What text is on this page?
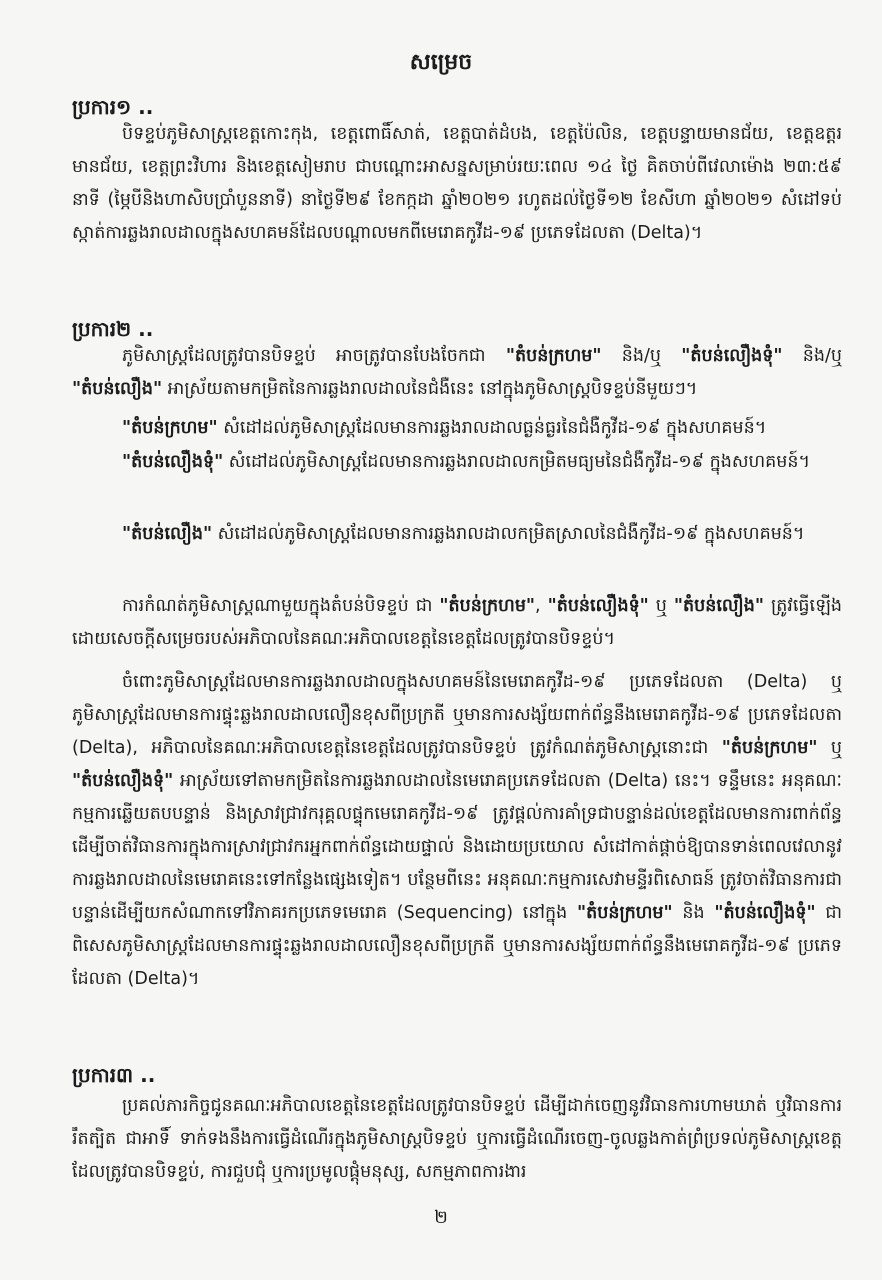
សម្រេច
ប្រការ១ ..
បិទខ្ទប់ភូមិសាស្ត្រខេត្តកោះកុង, ខេត្តពោធិ៍សាត់, ខេត្តបាត់ដំបង, ខេត្តប៉ៃលិន, ខេត្តបន្ទាយមានជ័យ, ខេត្តឧត្តរមានជ័យ, ខេត្តព្រះវិហារ និងខេត្តសៀមរាប ជាបណ្ដោះអាសន្នសម្រាប់រយៈពេល ១៤ ថ្ងៃ គិតចាប់ពីវេលាម៉ោង ២៣:៥៩ នាទី (ម្ភៃបីនិងហាសិបប្រាំបួននាទី) នាថ្ងៃទី២៩ ខែកក្កដា ឆ្នាំ២០២១ រហូតដល់ថ្ងៃទី១២ ខែសីហា ឆ្នាំ២០២១ សំដៅទប់ស្កាត់ការឆ្លងរាលដាលក្នុងសហគមន៍ដែលបណ្ដាលមកពីមេរោគកូវីដ-១៩ ប្រភេទដែលតា (Delta)។
ប្រការ២ ..
ភូមិសាស្ត្រដែលត្រូវបានបិទខ្ទប់ អាចត្រូវបានបែងចែកជា "តំបន់ក្រហម" និង/ឬ "តំបន់លឿងទុំ" និង/ឬ "តំបន់លឿង" អាស្រ័យតាមកម្រិតនៃការឆ្លងរាលដាលនៃជំងឺនេះ នៅក្នុងភូមិសាស្ត្របិទខ្ទប់នីមួយៗ។
"តំបន់ក្រហម" សំដៅដល់ភូមិសាស្ត្រដែលមានការឆ្លងរាលដាលធ្ងន់ធ្ងរនៃជំងឺកូវីដ-១៩ ក្នុងសហគមន៍។
"តំបន់លឿងទុំ" សំដៅដល់ភូមិសាស្ត្រដែលមានការឆ្លងរាលដាលកម្រិតមធ្យមនៃជំងឺកូវីដ-១៩ ក្នុងសហគមន៍។
"តំបន់លឿង" សំដៅដល់ភូមិសាស្ត្រដែលមានការឆ្លងរាលដាលកម្រិតស្រាលនៃជំងឺកូវីដ-១៩ ក្នុងសហគមន៍។
ការកំណត់ភូមិសាស្ត្រណាមួយក្នុងតំបន់បិទខ្ទប់ ជា "តំបន់ក្រហម", "តំបន់លឿងទុំ" ឬ "តំបន់លឿង" ត្រូវធ្វើឡើងដោយសេចក្តីសម្រេចរបស់អភិបាលនៃគណៈអភិបាលខេត្តនៃខេត្តដែលត្រូវបានបិទខ្ទប់។
ចំពោះភូមិសាស្ត្រដែលមានការឆ្លងរាលដាលក្នុងសហគមន៍នៃមេរោគកូវីដ-១៩ ប្រភេទដែលតា (Delta) ឬភូមិសាស្ត្រដែលមានការផ្ទុះឆ្លងរាលដាលលឿនខុសពីប្រក្រតី ឬមានការសង្ស័យពាក់ព័ន្ធនឹងមេរោគកូវីដ-១៩ ប្រភេទដែលតា (Delta), អភិបាលនៃគណៈអភិបាលខេត្តនៃខេត្តដែលត្រូវបានបិទខ្ទប់ ត្រូវកំណត់ភូមិសាស្ត្រនោះជា "តំបន់ក្រហម" ឬ "តំបន់លឿងទុំ" អាស្រ័យទៅតាមកម្រិតនៃការឆ្លងរាលដាលនៃមេរោគប្រភេទដែលតា (Delta) នេះ។ ទន្ទឹមនេះ អនុគណៈកម្មការឆ្លើយតបបន្ទាន់ និងស្រាវជ្រាវករុគ្គលផ្ទុកមេរោគកូវីដ-១៩ ត្រូវផ្ដល់ការគាំទ្រជាបន្ទាន់ដល់ខេត្តដែលមានការពាក់ព័ន្ធ ដើម្បីចាត់វិធានការក្នុងការស្រាវជ្រាវករអ្នកពាក់ព័ន្ធដោយផ្ទាល់ និងដោយប្រយោល សំដៅកាត់ផ្ដាច់ឱ្យបានទាន់ពេលវេលានូវការឆ្លងរាលដាលនៃមេរោគនេះទៅកន្លែងផ្សេងទៀត។ បន្ថែមពីនេះ អនុគណៈកម្មការសេវាមន្ទីរពិសោធន៍ ត្រូវចាត់វិធានការជាបន្ទាន់ដើម្បីយកសំណាកទៅវិភាគរកប្រភេទមេរោគ (Sequencing) នៅក្នុង "តំបន់ក្រហម" និង "តំបន់លឿងទុំ" ជាពិសេសភូមិសាស្ត្រដែលមានការផ្ទុះឆ្លងរាលដាលលឿនខុសពីប្រក្រតី ឬមានការសង្ស័យពាក់ព័ន្ធនឹងមេរោគកូវីដ-១៩ ប្រភេទដែលតា (Delta)។
ប្រការ៣ ..
ប្រគល់ភារកិច្ចជូនគណៈអភិបាលខេត្តនៃខេត្តដែលត្រូវបានបិទខ្ទប់ ដើម្បីដាក់ចេញនូវវិធានការហាមឃាត់ ឬវិធានការរឹតត្បិត ជាអាទិ៍ ទាក់ទងនឹងការធ្វើដំណើរក្នុងភូមិសាស្ត្របិទខ្ទប់ ឬការធ្វើដំណើរចេញ-ចូលឆ្លងកាត់ព្រំប្រទល់ភូមិសាស្ត្រខេត្តដែលត្រូវបានបិទខ្ទប់, ការជួបជុំ ឬការប្រមូលផ្ដុំមនុស្ស, សកម្មភាពការងារ
២
